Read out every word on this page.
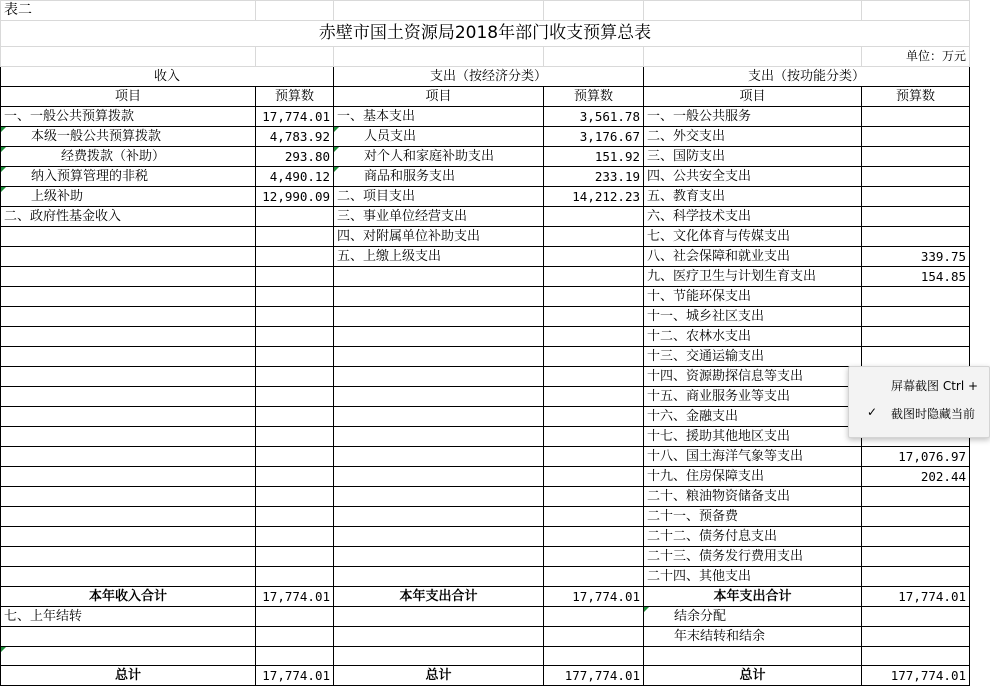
表二					
赤壁市国土资源局2018年部门收支预算总表					
					单位：万元
收入		支出（按经济分类）		支出（按功能分类）	
项目	预算数	项目	预算数	项目	预算数
一、一般公共预算拨款	17,774.01	一、基本支出	3,561.78	一、一般公共服务	
本级一般公共预算拨款	4,783.92	人员支出	3,176.67	二、外交支出	
经费拨款（补助）	293.80	对个人和家庭补助支出	151.92	三、国防支出	
纳入预算管理的非税	4,490.12	商品和服务支出	233.19	四、公共安全支出	
上级补助	12,990.09	二、项目支出	14,212.23	五、教育支出	
二、政府性基金收入		三、事业单位经营支出		六、科学技术支出	
		四、对附属单位补助支出		七、文化体育与传媒支出	
		五、上缴上级支出		八、社会保障和就业支出	339.75
				九、医疗卫生与计划生育支出	154.85
				十、节能环保支出	
				十一、城乡社区支出	
				十二、农林水支出	
				十三、交通运输支出	
				十四、资源勘探信息等支出	
				十五、商业服务业等支出	
				十六、金融支出	
				十七、援助其他地区支出	
				十八、国土海洋气象等支出	17,076.97
				十九、住房保障支出	202.44
				二十、粮油物资储备支出	
				二十一、预备费	
				二十二、债务付息支出	
				二十三、债务发行费用支出	
				二十四、其他支出	
本年收入合计	17,774.01	本年支出合计	17,774.01	本年支出合计	17,774.01
七、上年结转				结余分配	
				年末结转和结余	

总计	17,774.01	总计	177,774.01	总计	177,774.01
屏幕截图 Ctrl +
✓ 截图时隐藏当前
